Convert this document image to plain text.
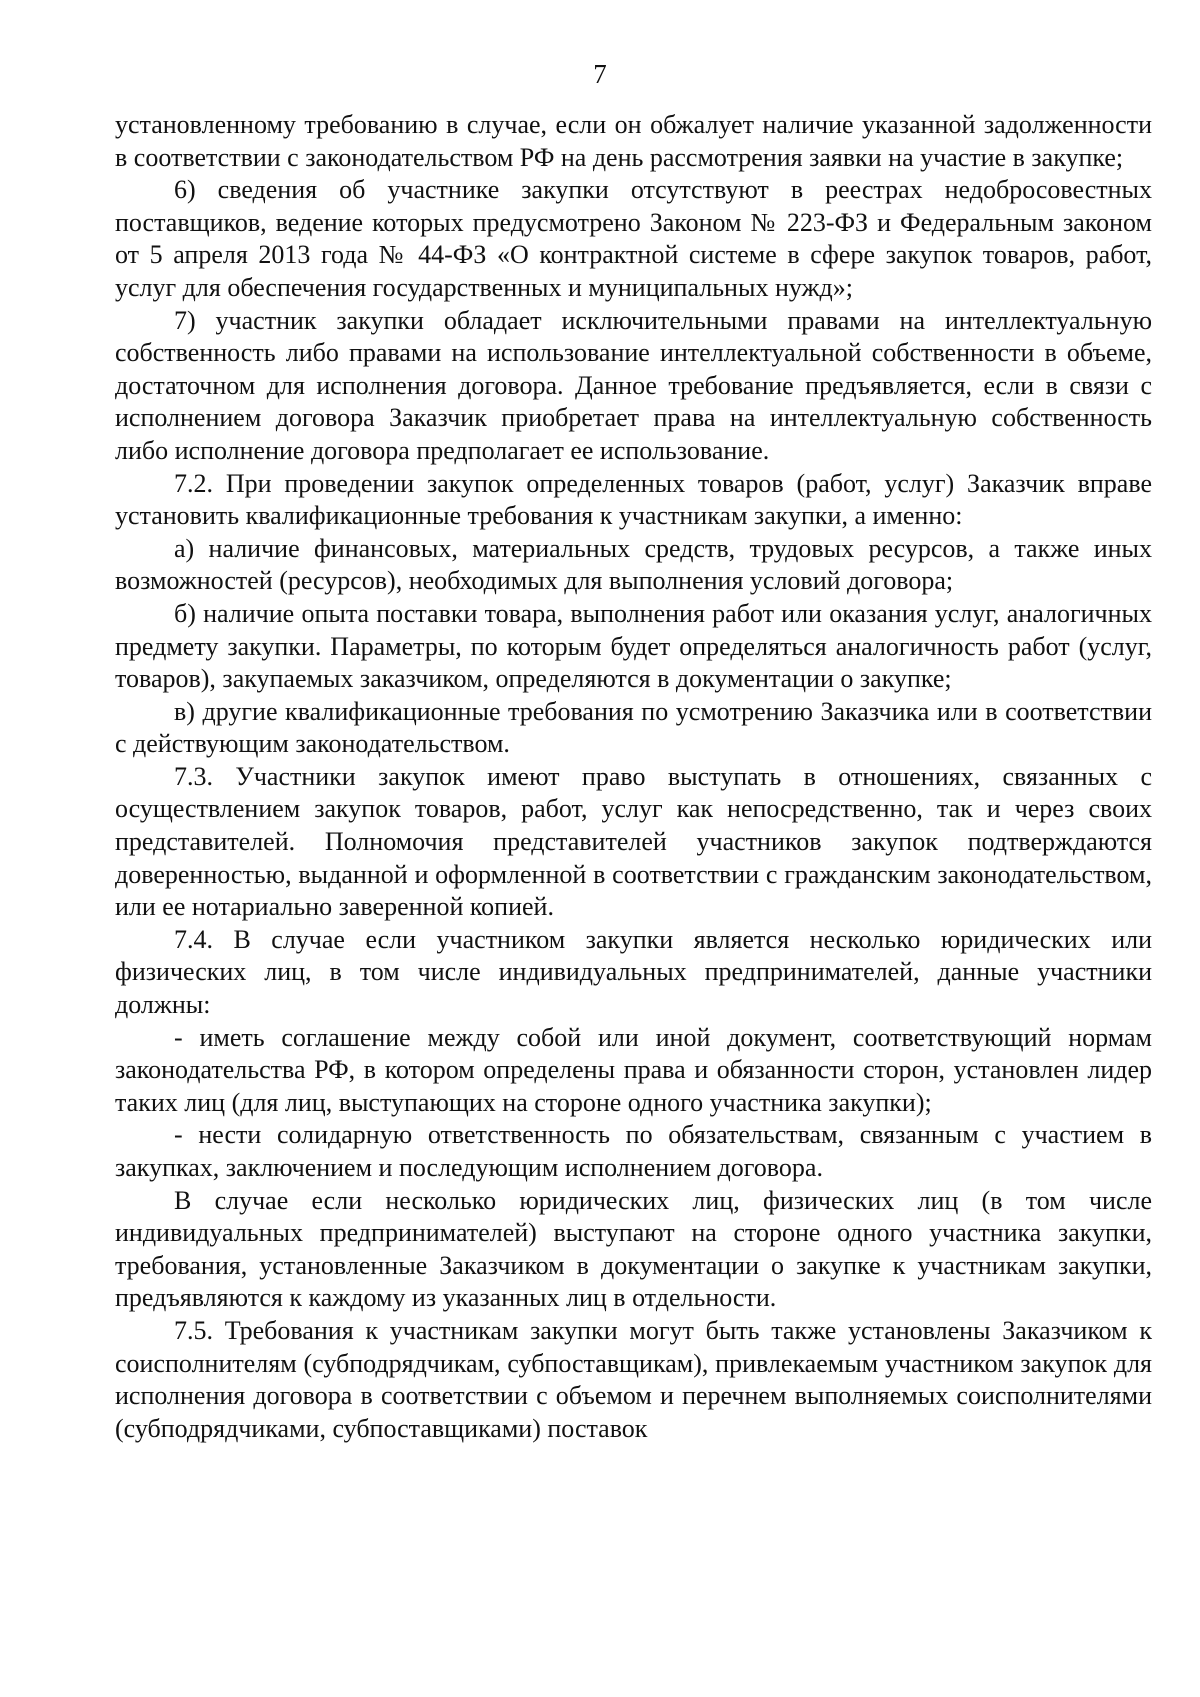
7

установленному требованию в случае, если он обжалует наличие указанной задолженности в соответствии с законодательством РФ на день рассмотрения заявки на участие в закупке;

6) сведения об участнике закупки отсутствуют в реестрах недобросовестных поставщиков, ведение которых предусмотрено Законом № 223-ФЗ и Федеральным законом от 5 апреля 2013 года № 44-ФЗ «О контрактной системе в сфере закупок товаров, работ, услуг для обеспечения государственных и муниципальных нужд»;

7) участник закупки обладает исключительными правами на интеллектуальную собственность либо правами на использование интеллектуальной собственности в объеме, достаточном для исполнения договора. Данное требование предъявляется, если в связи с исполнением договора Заказчик приобретает права на интеллектуальную собственность либо исполнение договора предполагает ее использование.

7.2. При проведении закупок определенных товаров (работ, услуг) Заказчик вправе установить квалификационные требования к участникам закупки, а именно:

а) наличие финансовых, материальных средств, трудовых ресурсов, а также иных возможностей (ресурсов), необходимых для выполнения условий договора;

б) наличие опыта поставки товара, выполнения работ или оказания услуг, аналогичных предмету закупки. Параметры, по которым будет определяться аналогичность работ (услуг, товаров), закупаемых заказчиком, определяются в документации о закупке;

в) другие квалификационные требования по усмотрению Заказчика или в соответствии с действующим законодательством.

7.3. Участники закупок имеют право выступать в отношениях, связанных с осуществлением закупок товаров, работ, услуг как непосредственно, так и через своих представителей. Полномочия представителей участников закупок подтверждаются доверенностью, выданной и оформленной в соответствии с гражданским законодательством, или ее нотариально заверенной копией.

7.4. В случае если участником закупки является несколько юридических или физических лиц, в том числе индивидуальных предпринимателей, данные участники должны:

- иметь соглашение между собой или иной документ, соответствующий нормам законодательства РФ, в котором определены права и обязанности сторон, установлен лидер таких лиц (для лиц, выступающих на стороне одного участника закупки);

- нести солидарную ответственность по обязательствам, связанным с участием в закупках, заключением и последующим исполнением договора.

В случае если несколько юридических лиц, физических лиц (в том числе индивидуальных предпринимателей) выступают на стороне одного участника закупки, требования, установленные Заказчиком в документации о закупке к участникам закупки, предъявляются к каждому из указанных лиц в отдельности.

7.5. Требования к участникам закупки могут быть также установлены Заказчиком к соисполнителям (субподрядчикам, субпоставщикам), привлекаемым участником закупок для исполнения договора в соответствии с объемом и перечнем выполняемых соисполнителями (субподрядчиками, субпоставщиками) поставок
